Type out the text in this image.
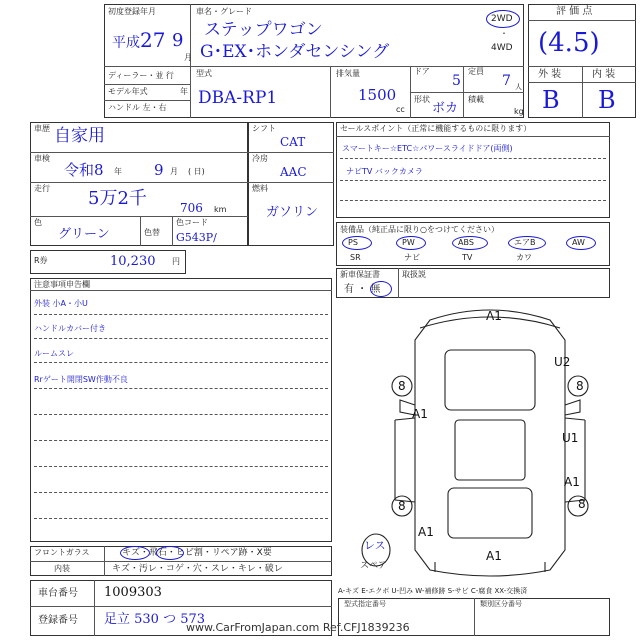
初度登録年月
平成 27 9
月
車名・グレード
ステップワゴン
G･EX･ホンダセンシング
2WD
・
4WD
ディーラー・並 行
モデル年式	年
ハンドル 左・右
型式
DBA-RP1
排気量
1500
cc
ドア
5
定員
7 人
形状
ボカ
積載
kg
評 価 点
(4.5)
外 装	内 装
B B
車歴 自家用
車検
令和8 年 9 月 ( 日)
走行 5万2千	706 km
色
グリーン	色替
色コード
G543P/
シフト
CAT
冷房
AAC
燃料
ガソリン
セールスポイント（正常に機能するものに限ります）
スマートキー☆ETC☆パワースライドドア(両側)
ナビTV バックカメラ
装備品（純正品に限り○をつけてください）
PS	PW	ABS	エアB	AW
SR	ナビ	TV	カワ
新車保証書
有 ・ 無
取扱説
R券	10,230 円
注意事項申告欄
外装 小A・小U
ハンドルカバー付き
ルームスレ
Rrゲート開閉SW作動不良
フロントガラス	キズ・飛石・ヒビ割・リペア跡・X要
内装	キズ・汚レ・コゲ・穴・スレ・キレ・破レ
車台番号 1009303
登録番号 足立 530 つ 573
A1
U2
U1
A1
A1
A1
A1
8	8
8	8
レス
スペア
A-キズ E-エクボ U-凹み W-補修跡 S-サビ C-腐食 XX-交換済
型式指定番号	類別区分番号
www.CarFromJapan.com Ref.CFJ1839236
